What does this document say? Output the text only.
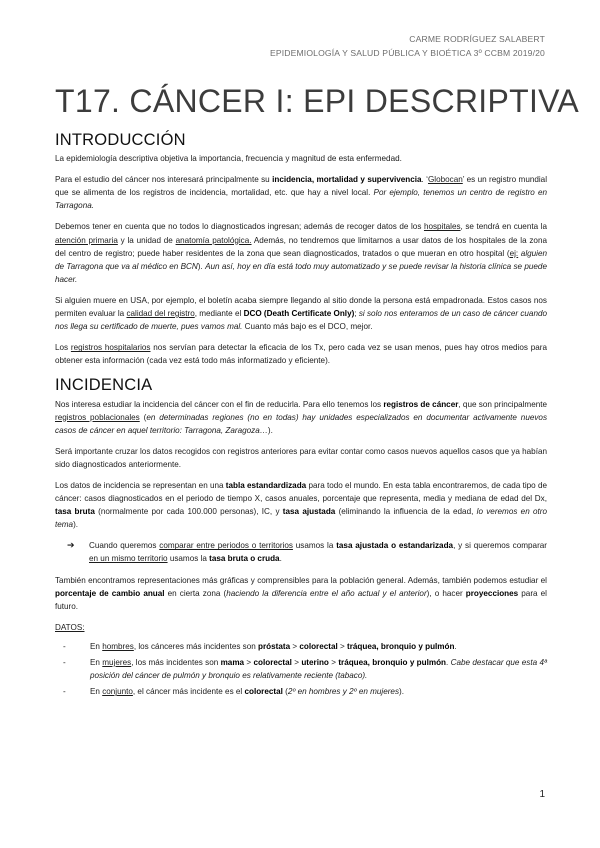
CARME RODRÍGUEZ SALABERT
EPIDEMIOLOGÍA Y SALUD PÚBLICA Y BIOÉTICA 3º CCBM 2019/20
T17. CÁNCER I: EPI DESCRIPTIVA
INTRODUCCIÓN

La epidemiología descriptiva objetiva la importancia, frecuencia y magnitud de esta enfermedad.

Para el estudio del cáncer nos interesará principalmente su incidencia, mortalidad y supervivencia. ‘Globocan’ es un registro mundial que se alimenta de los registros de incidencia, mortalidad, etc. que hay a nivel local. Por ejemplo, tenemos un centro de registro en Tarragona.

Debemos tener en cuenta que no todos lo diagnosticados ingresan; además de recoger datos de los hospitales, se tendrá en cuenta la atención primaria y la unidad de anatomía patológica. Además, no tendremos que limitarnos a usar datos de los hospitales de la zona del centro de registro; puede haber residentes de la zona que sean diagnosticados, tratados o que mueran en otro hospital (ej: alguien de Tarragona que va al médico en BCN). Aun así, hoy en día está todo muy automatizado y se puede revisar la historia clínica se puede hacer.

Si alguien muere en USA, por ejemplo, el boletín acaba siempre llegando al sitio donde la persona está empadronada. Estos casos nos permiten evaluar la calidad del registro, mediante el DCO (Death Certificate Only); si solo nos enteramos de un caso de cáncer cuando nos llega su certificado de muerte, pues vamos mal. Cuanto más bajo es el DCO, mejor.

Los registros hospitalarios nos servían para detectar la eficacia de los Tx, pero cada vez se usan menos, pues hay otros medios para obtener esta información (cada vez está todo más informatizado y eficiente).

INCIDENCIA

Nos interesa estudiar la incidencia del cáncer con el fin de reducirla. Para ello tenemos los registros de cáncer, que son principalmente registros poblacionales (en determinadas regiones (no en todas) hay unidades especializados en documentar activamente nuevos casos de cáncer en aquel territorio: Tarragona, Zaragoza…).

Será importante cruzar los datos recogidos con registros anteriores para evitar contar como casos nuevos aquellos casos que ya habían sido diagnosticados anteriormente.

Los datos de incidencia se representan en una tabla estandardizada para todo el mundo. En esta tabla encontraremos, de cada tipo de cáncer: casos diagnosticados en el periodo de tiempo X, casos anuales, porcentaje que representa, media y mediana de edad del Dx, tasa bruta (normalmente por cada 100.000 personas), IC, y tasa ajustada (eliminando la influencia de la edad, lo veremos en otro tema).

➔	Cuando queremos comparar entre periodos o territorios usamos la tasa ajustada o estandarizada, y si queremos comparar en un mismo territorio usamos la tasa bruta o cruda.

También encontramos representaciones más gráficas y comprensibles para la población general. Además, también podemos estudiar el porcentaje de cambio anual en cierta zona (haciendo la diferencia entre el año actual y el anterior), o hacer proyecciones para el futuro.

DATOS:

-	En hombres, los cánceres más incidentes son próstata > colorectal > tráquea, bronquio y pulmón.
-	En mujeres, los más incidentes son mama > colorectal > uterino > tráquea, bronquio y pulmón. Cabe destacar que esta 4ª posición del cáncer de pulmón y bronquio es relativamente reciente (tabaco).
-	En conjunto, el cáncer más incidente es el colorectal (2º en hombres y 2º en mujeres).
1
